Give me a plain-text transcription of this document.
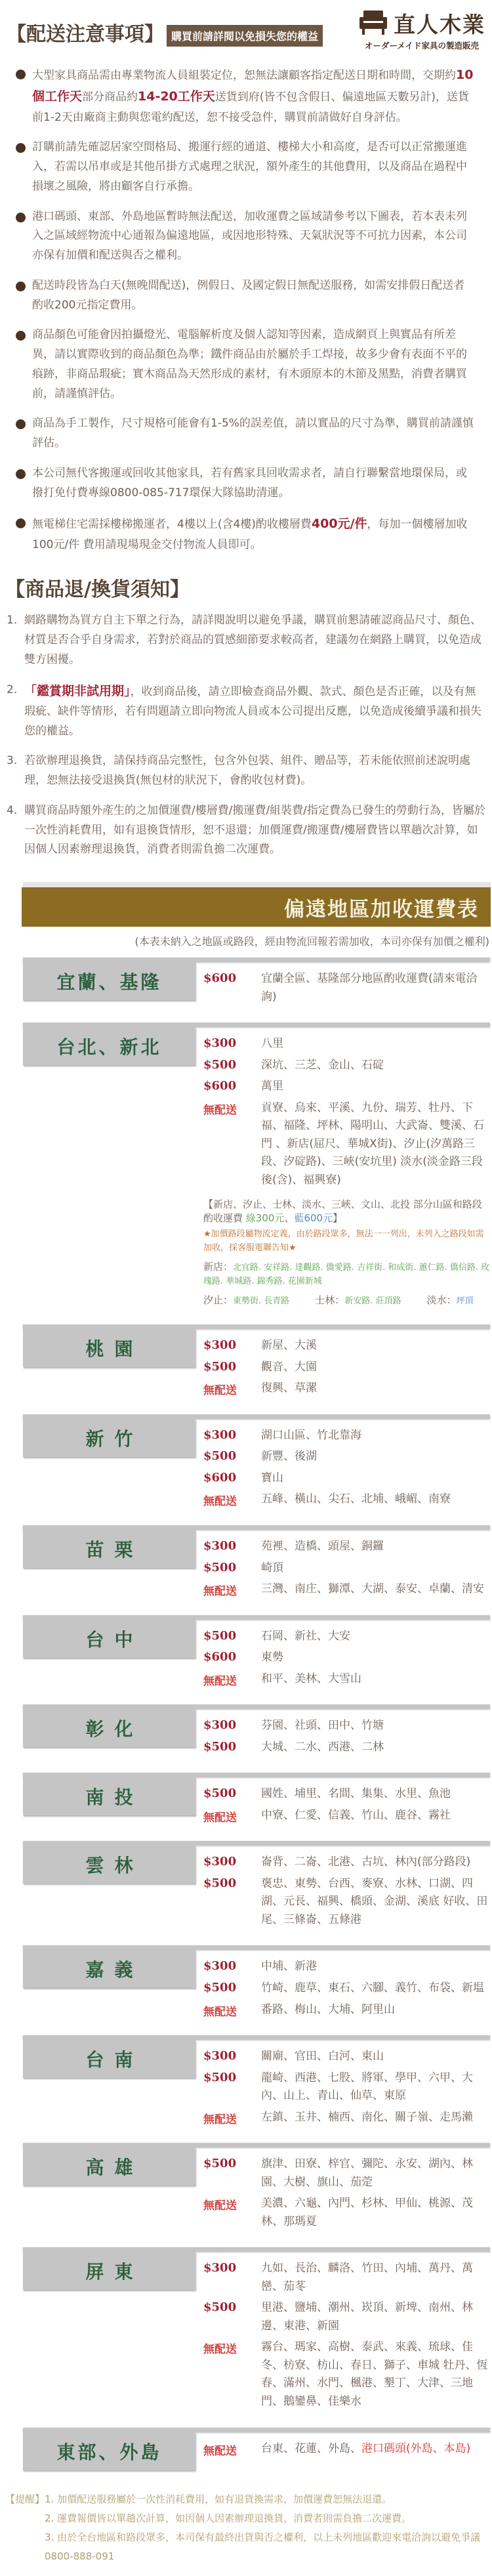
【配送注意事項】 購買前請詳閱以免損失您的權益	直人木業
オーダーメイド家具の製造販売
大型家具商品需由專業物流人員組裝定位，恕無法讓顧客指定配送日期和時間，交期約10個工作天部分商品約14-20工作天送貨到府(皆不包含假日、偏遠地區天數另計)，送貨前1-2天由廠商主動與您電約配送，恕不接受急件，購買前請做好自身評估。
訂購前請先確認居家空間格局、搬運行經的通道、樓梯大小和高度，是否可以正常搬運進入，若需以吊車或是其他吊掛方式處理之狀況，額外產生的其他費用，以及商品在過程中損壞之風險，將由顧客自行承擔。
港口碼頭、東部、外島地區暫時無法配送，加收運費之區域請參考以下圖表，若本表未列入之區域經物流中心通報為偏遠地區，或因地形特殊、天氣狀況等不可抗力因素，本公司亦保有加價和配送與否之權利。
配送時段皆為白天(無晚間配送)，例假日、及國定假日無配送服務，如需安排假日配送者酌收200元指定費用。
商品顏色可能會因拍攝燈光、電腦解析度及個人認知等因素，造成網頁上與實品有所差異，請以實際收到的商品顏色為準；鐵件商品由於屬於手工焊接，故多少會有表面不平的痕跡，非商品瑕疵；實木商品為天然形成的素材，有木頭原本的木節及黑點，消費者購買前，請謹慎評估。
商品為手工製作，尺寸規格可能會有1-5%的誤差值，請以實品的尺寸為準，購買前請謹慎評估。
本公司無代客搬運或回收其他家具，若有舊家具回收需求者，請自行聯繫當地環保局，或撥打免付費專線0800-085-717環保大隊協助清運。
無電梯住宅需採樓梯搬運者，4樓以上(含4樓)酌收樓層費400元/件，每加一個樓層加收100元/件 費用請現場現金交付物流人員即可。
【商品退/換貨須知】
1. 網路購物為買方自主下單之行為，請詳閱說明以避免爭議，購買前懇請確認商品尺寸、顏色、材質是否合乎自身需求，若對於商品的質感細節要求較高者，建議勿在網路上購買，以免造成雙方困擾。
2. 「鑑賞期非試用期」，收到商品後，請立即檢查商品外觀、款式、顏色是否正確，以及有無瑕疵、缺件等情形，若有問題請立即向物流人員或本公司提出反應，以免造成後續爭議和損失您的權益。
3. 若欲辦理退換貨，請保持商品完整性，包含外包裝、組件、贈品等，若未能依照前述說明處理，恕無法接受退換貨(無包材的狀況下，會酌收包材費)。
4. 購買商品時額外產生的之加價運費/樓層費/搬運費/組裝費/指定費為已發生的勞動行為，皆屬於一次性消耗費用，如有退換貨情形，恕不退還；加價運費/搬運費/樓層費皆以單趟次計算，如因個人因素辦理退換貨，消費者則需負擔二次運費。
偏遠地區加收運費表
(本表未納入之地區或路段，經由物流回報若需加收，本司亦保有加價之權利)
宜蘭、基隆	$600	宜蘭全區、基隆部分地區酌收運費(請來電洽詢)
台北、新北	$300	八里
$500	深坑、三芝、金山、石碇
$600	萬里
無配送	貢寮、烏來、平溪、九份、瑞芳、牡丹、下福、福隆、坪林、陽明山、大武崙、雙溪、石門 、新店(屈尺、華城X街)、汐止(汐萬路三段、汐碇路)、三峽(安坑里) 淡水(淡金路三段後(含)、福興寮)
【新店、汐止、士林、淡水、三峽、文山、北投 部分山區和路段酌收運費 綠300元、藍600元】
★加價路段屬物流定義，由於路段眾多，無法一一列出，未列入之路段如需加收，採客服電聯告知★
新店：北宜路. 安祥路. 達觀路. 僑愛路. 吉祥街. 和成街. 蕙仁路. 僑信路. 玫瑰路. 華城路. 錦秀路. 花園新城
汐止：東勢街. 長青路　　　	士林：新安路. 莊頂路　　　	淡水：坪頂
桃園	$300	新屋、大溪
$500	觀音、大園
無配送	復興、草漯
新竹	$300	湖口山區、竹北靠海
$500	新豐、後湖
$600	寶山
無配送	五峰、橫山、尖石、北埔、峨嵋、南寮
苗栗	$300	苑裡、造橋、頭屋、銅鑼
$500	崎頂
無配送	三灣、南庄、獅潭、大湖、泰安、卓蘭、清安
台中	$500	石岡、新社、大安
$600	東勢
無配送	和平、美林、大雪山
彰化	$300	芬園、社頭、田中、竹塘
$500	大城、二水、西港、二林
南投	$500	國姓、埔里、名間、集集、水里、魚池
無配送	中寮、仁愛、信義、竹山、鹿谷、霧社
雲林	$300	崙背、二崙、北港、古坑、林內(部分路段)
$500	褒忠、東勢、台西、麥寮、水林、口湖、四湖、元長、福興、橋頭、金湖、溪底 好收、田尾、三條崙、五條港
嘉義	$300	中埔、新港
$500	竹崎、鹿草、東石、六腳、義竹、布袋、新塭
無配送	番路、梅山、大埔、阿里山
台南	$300	關廟、官田、白河、東山
$500	龍崎、西港、七股、將軍、學甲、六甲、大內、山上、青山、仙草、東原
無配送	左鎮、玉井、楠西、南化、關子嶺、走馬瀨
高雄	$500	旗津、田寮、梓官、彌陀、永安、湖內、林園、大樹、旗山、茄萣
無配送	美濃、六龜、內門、杉林、甲仙、桃源、茂林、那瑪夏
屏東	$300	九如、長治、麟洛、竹田、內埔、萬丹、萬巒、茄苳
$500	里港、鹽埔、潮州、崁頂、新埤、南州、林邊、東港、新園
無配送	霧台、瑪家、高樹、泰武、來義、琉球、佳冬、枋寮、枋山、春日、獅子、車城 牡丹、恆春、滿州、水門、楓港、墾丁、大津、三地門、鵝鑾鼻、佳樂水
東部、外島	無配送	台東、花蓮、外島、港口碼頭(外島、本島)
【提醒】 1. 加價配送服務屬於一次性消耗費用，如有退貨換需求，加價運費恕無法退還。
2. 運費報價皆以單趟次計算，如因個人因素辦理退換貨，消費者則需負擔二次運費。
3. 由於全台地區和路段眾多，本司保有最終出貨與否之權利，以上未列地區歡迎來電洽詢以避免爭議 0800-888-091
